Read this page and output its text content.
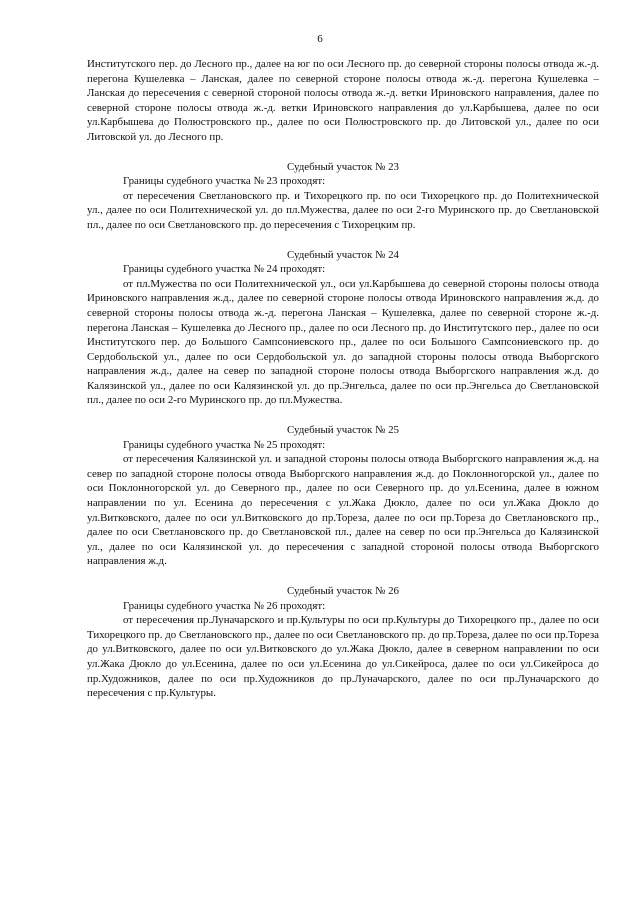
6

Институтского пер. до Лесного пр., далее на юг по оси Лесного пр. до северной стороны полосы отвода ж.-д. перегона Кушелевка – Ланская, далее по северной стороне полосы отвода ж.-д. перегона Кушелевка – Ланская до пересечения с северной стороной полосы отвода ж.-д. ветки Ириновского направления, далее по северной стороне полосы отвода ж.-д. ветки Ириновского направления до ул.Карбышева, далее по оси ул.Карбышева до Полюстровского пр., далее по оси Полюстровского пр. до Литовской ул., далее по оси Литовской ул. до Лесного пр.

Судебный участок № 23

Границы судебного участка № 23 проходят:

от пересечения Светлановского пр. и Тихорецкого пр. по оси Тихорецкого пр. до Политехнической ул., далее по оси Политехнической ул. до пл.Мужества, далее по оси 2-го Муринского пр. до Светлановской пл., далее по оси Светлановского пр. до пересечения с Тихорецким пр.

Судебный участок № 24

Границы судебного участка № 24 проходят:

от пл.Мужества по оси Политехнической ул., оси ул.Карбышева до северной стороны полосы отвода Ириновского направления ж.д., далее по северной стороне полосы отвода Ириновского направления ж.д. до северной стороны полосы отвода ж.-д. перегона Ланская – Кушелевка, далее по северной стороне ж.-д. перегона Ланская – Кушелевка до Лесного пр., далее по оси Лесного пр. до Институтского пер., далее по оси Институтского пер. до Большого Сампсониевского пр., далее по оси Большого Сампсониевского пр. до Сердобольской ул., далее по оси Сердобольской ул. до западной стороны полосы отвода Выборгского направления ж.д., далее на север по западной стороне полосы отвода Выборгского направления ж.д. до Калязинской ул., далее по оси Калязинской ул. до пр.Энгельса, далее по оси пр.Энгельса до Светлановской пл., далее по оси 2-го Муринского пр. до пл.Мужества.

Судебный участок № 25

Границы судебного участка № 25 проходят:

от пересечения Калязинской ул. и западной стороны полосы отвода Выборгского направления ж.д. на север по западной стороне полосы отвода Выборгского направления ж.д. до Поклонногорской ул., далее по оси Поклонногорской ул. до Северного пр., далее по оси Северного пр. до ул.Есенина, далее в южном направлении по ул. Есенина до пересечения с ул.Жака Дюкло, далее по оси ул.Жака Дюкло до ул.Витковского, далее по оси ул.Витковского до пр.Тореза, далее по оси пр.Тореза до Светлановского пр., далее по оси Светлановского пр. до Светлановской пл., далее на север по оси пр.Энгельса до Калязинской ул., далее по оси Калязинской ул. до пересечения с западной стороной полосы отвода Выборгского направления ж.д.

Судебный участок № 26

Границы судебного участка № 26 проходят:

от пересечения пр.Луначарского и пр.Культуры по оси пр.Культуры до Тихорецкого пр., далее по оси Тихорецкого пр. до Светлановского пр., далее по оси Светлановского пр. до пр.Тореза, далее по оси пр.Тореза до ул.Витковского, далее по оси ул.Витковского до ул.Жака Дюкло, далее в северном направлении по оси ул.Жака Дюкло до ул.Есенина, далее по оси ул.Есенина до ул.Сикейроса, далее по оси ул.Сикейроса до пр.Художников, далее по оси пр.Художников до пр.Луначарского, далее по оси пр.Луначарского до пересечения с пр.Культуры.
